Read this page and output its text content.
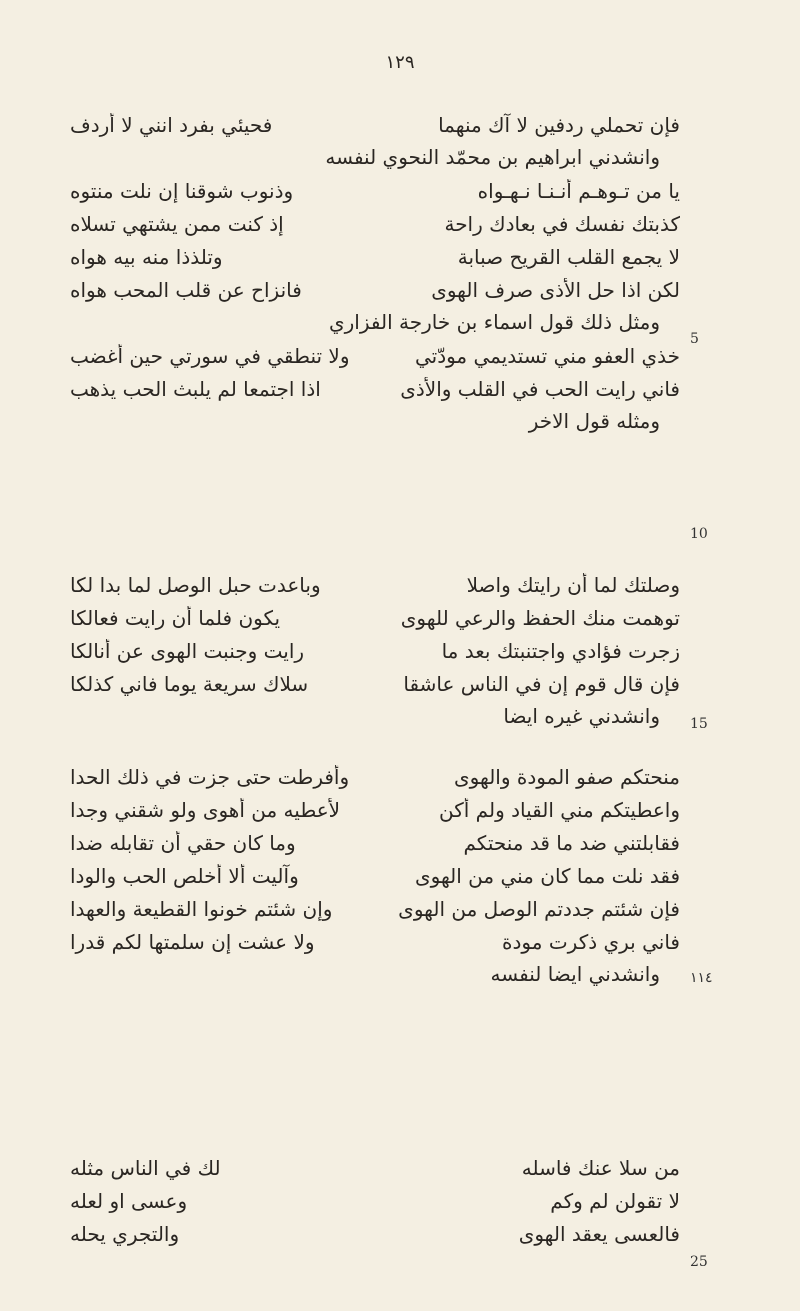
١٢٩
5
10
15
١١٤
25
فإن تحملي ردفين لا آك منهما
فحيئي بفرد انني لا أردف
وانشدني ابراهيم بن محمّد النحوي لنفسه
يا من تـوهـم أنـنـا نـهـواه
وذنوب شوقنا إن نلت منتوه
كذبتك نفسك في بعادك راحة
إذ كنت ممن يشتهي تسلاه
لا يجمع القلب القريح صبابة
وتلذذا منه بيه هواه
لكن اذا حل الأذى صرف الهوى
فانزاح عن قلب المحب هواه
ومثل ذلك قول اسماء بن خارجة الفزاري
خذي العفو مني تستديمي مودّتي
ولا تنطقي في سورتي حين أغضب
فاني رايت الحب في القلب والأذى
اذا اجتمعا لم يلبث الحب يذهب
ومثله قول الاخر
وصلتك لما أن رايتك واصلا
وباعدت حبل الوصل لما بدا لكا
توهمت منك الحفظ والرعي للهوى
يكون فلما أن رايت فعالكا
زجرت فؤادي واجتنبتك بعد ما
رايت وجنبت الهوى عن أنالكا
فإن قال قوم إن في الناس عاشقا
سلاك سريعة يوما فاني كذلكا
وانشدني غيره ايضا
منحتكم صفو المودة والهوى
وأفرطت حتى جزت في ذلك الحدا
واعطيتكم مني القياد ولم أكن
لأعطيه من أهوى ولو شقني وجدا
فقابلتني ضد ما قد منحتكم
وما كان حقي أن تقابله ضدا
فقد نلت مما كان مني من الهوى
وآليت ألا أخلص الحب والودا
فإن شئتم جددتم الوصل من الهوى
وإن شئتم خونوا القطيعة والعهدا
فاني بري ذكرت مودة
ولا عشت إن سلمتها لكم قدرا
وانشدني ايضا لنفسه
من سلا عنك فاسله
لك في الناس مثله
لا تقولن لم وكم
وعسى او لعله
فالعسى يعقد الهوى
والتجري يحله
